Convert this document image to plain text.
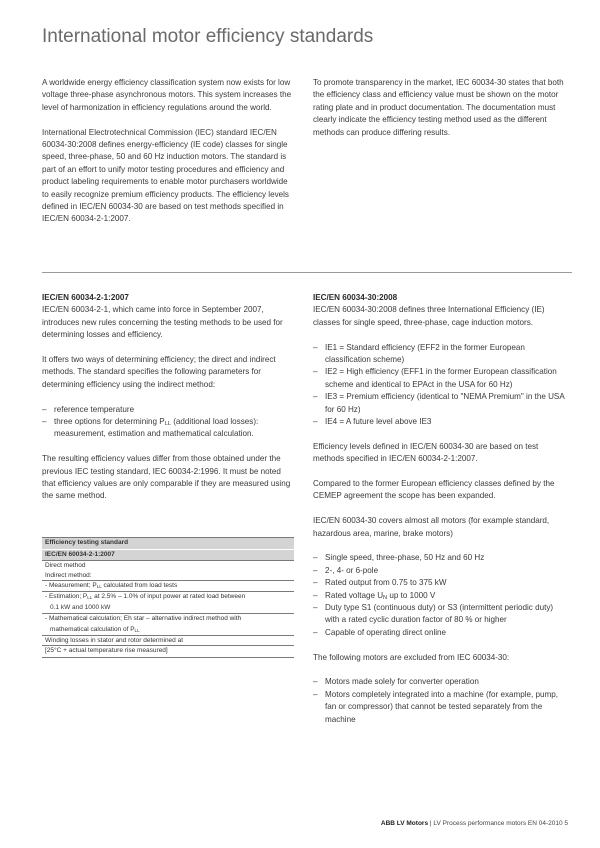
International motor efficiency standards

A worldwide energy efficiency classification system now exists for low voltage three-phase asynchronous motors. This system increases the level of harmonization in efficiency regulations around the world.

International Electrotechnical Commission (IEC) standard IEC/EN 60034-30:2008 defines energy-efficiency (IE code) classes for single speed, three-phase, 50 and 60 Hz induction motors. The standard is part of an effort to unify motor testing procedures and efficiency and product labeling requirements to enable motor purchasers worldwide to easily recognize premium efficiency products. The efficiency levels defined in IEC/EN 60034-30 are based on test methods specified in IEC/EN 60034-2-1:2007.

To promote transparency in the market, IEC 60034-30 states that both the efficiency class and efficiency value must be shown on the motor rating plate and in product documentation. The documentation must clearly indicate the efficiency testing method used as the different methods can produce differing results.

IEC/EN 60034-2-1:2007

IEC/EN 60034-2-1, which came into force in September 2007, introduces new rules concerning the testing methods to be used for determining losses and efficiency.

It offers two ways of determining efficiency; the direct and indirect methods. The standard specifies the following parameters for determining efficiency using the indirect method:

– reference temperature
– three options for determining $P_{LL}$ (additional load losses): measurement, estimation and mathematical calculation.

The resulting efficiency values differ from those obtained under the previous IEC testing standard, IEC 60034-2:1996. It must be noted that efficiency values are only comparable if they are measured using the same method.

Efficiency testing standard
IEC/EN 60034-2-1:2007
Direct method
Indirect method:
- Measurement; $P_{LL}$ calculated from load tests
- Estimation; $P_{LL}$ at 2.5% – 1.0% of input power at rated load between
0.1 kW and 1000 kW
- Mathematical calculation; Eh star – alternative indirect method with
mathematical calculation of $P_{LL}$
Winding losses in stator and rotor determined at
[25°C + actual temperature rise measured]
IEC/EN 60034-30:2008

IEC/EN 60034-30:2008 defines three International Efficiency (IE) classes for single speed, three-phase, cage induction motors.

– IE1 = Standard efficiency (EFF2 in the former European classification scheme)
– IE2 = High efficiency (EFF1 in the former European classification scheme and identical to EPAct in the USA for 60 Hz)
– IE3 = Premium efficiency (identical to "NEMA Premium" in the USA for 60 Hz)
– IE4 = A future level above IE3

Efficiency levels defined in IEC/EN 60034-30 are based on test methods specified in IEC/EN 60034-2-1:2007.

Compared to the former European efficiency classes defined by the CEMEP agreement the scope has been expanded.

IEC/EN 60034-30 covers almost all motors (for example standard, hazardous area, marine, brake motors)

– Single speed, three-phase, 50 Hz and 60 Hz
– 2-, 4- or 6-pole
– Rated output from 0.75 to 375 kW
– Rated voltage $U_N$ up to 1000 V
– Duty type S1 (continuous duty) or S3 (intermittent periodic duty) with a rated cyclic duration factor of 80 % or higher
– Capable of operating direct online

The following motors are excluded from IEC 60034-30:

– Motors made solely for converter operation
– Motors completely integrated into a machine (for example, pump, fan or compressor) that cannot be tested separately from the machine
ABB LV Motors | LV Process performance motors EN 04-2010 5
